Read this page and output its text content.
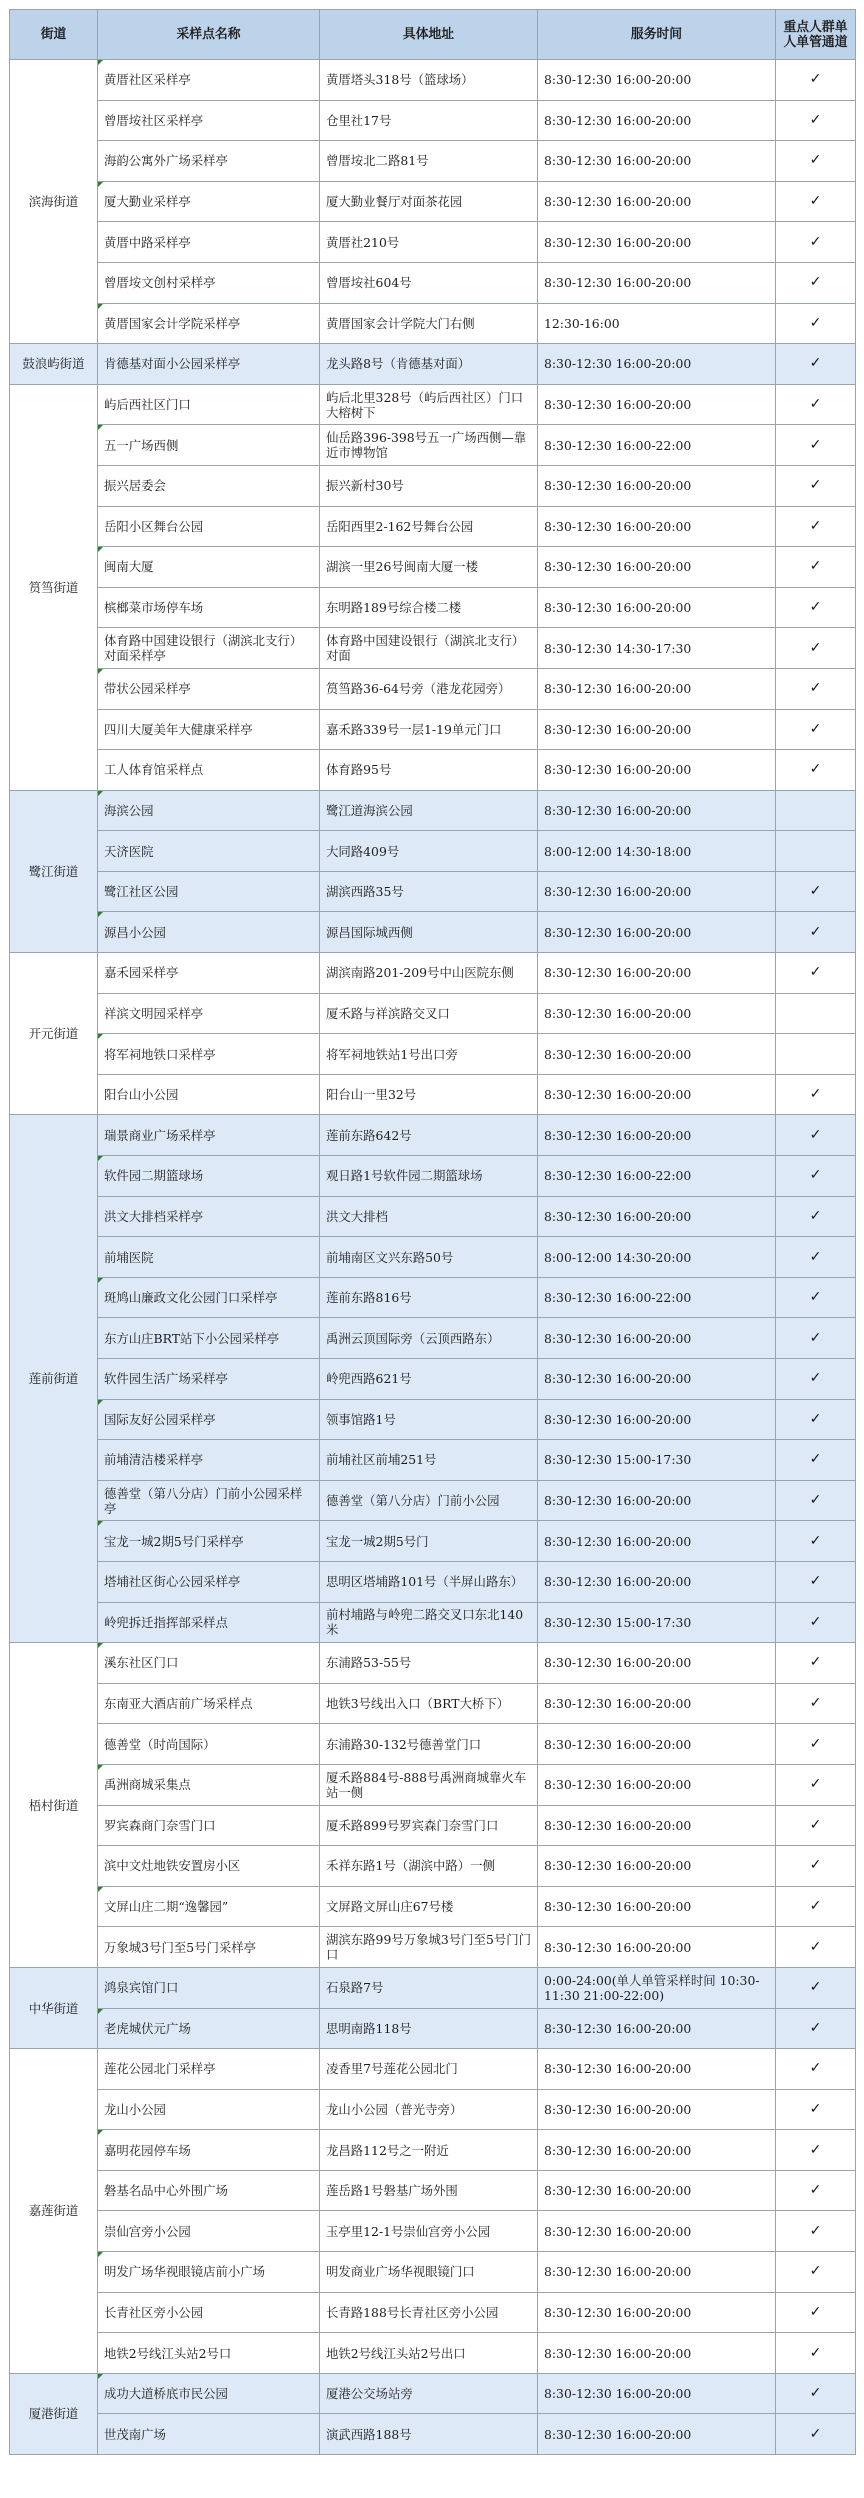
街道	采样点名称	具体地址	服务时间	重点人群单人单管通道
滨海街道	黄厝社区采样亭	黄厝塔头318号（篮球场）	8:30-12:30 16:00-20:00	✓
	曾厝垵社区采样亭	仓里社17号	8:30-12:30 16:00-20:00	✓
	海韵公寓外广场采样亭	曾厝垵北二路81号	8:30-12:30 16:00-20:00	✓
	厦大勤业采样亭	厦大勤业餐厅对面茶花园	8:30-12:30 16:00-20:00	✓
	黄厝中路采样亭	黄厝社210号	8:30-12:30 16:00-20:00	✓
	曾厝垵文创村采样亭	曾厝垵社604号	8:30-12:30 16:00-20:00	✓
	黄厝国家会计学院采样亭	黄厝国家会计学院大门右侧	12:30-16:00	✓
鼓浪屿街道	肯德基对面小公园采样亭	龙头路8号（肯德基对面）	8:30-12:30 16:00-20:00	✓
筼筜街道	屿后西社区门口	屿后北里328号（屿后西社区）门口大榕树下	8:30-12:30 16:00-20:00	✓
	五一广场西侧	仙岳路396-398号五一广场西侧—靠近市博物馆	8:30-12:30 16:00-22:00	✓
	振兴居委会	振兴新村30号	8:30-12:30 16:00-20:00	✓
	岳阳小区舞台公园	岳阳西里2-162号舞台公园	8:30-12:30 16:00-20:00	✓
	闽南大厦	湖滨一里26号闽南大厦一楼	8:30-12:30 16:00-20:00	✓
	槟榔菜市场停车场	东明路189号综合楼二楼	8:30-12:30 16:00-20:00	✓
	体育路中国建设银行（湖滨北支行）对面采样亭	体育路中国建设银行（湖滨北支行）对面	8:30-12:30 14:30-17:30	✓
	带状公园采样亭	筼筜路36-64号旁（港龙花园旁）	8:30-12:30 16:00-20:00	✓
	四川大厦美年大健康采样亭	嘉禾路339号一层1-19单元门口	8:30-12:30 16:00-20:00	✓
	工人体育馆采样点	体育路95号	8:30-12:30 16:00-20:00	✓
鹭江街道	海滨公园	鹭江道海滨公园	8:30-12:30 16:00-20:00	
	天济医院	大同路409号	8:00-12:00 14:30-18:00	
	鹭江社区公园	湖滨西路35号	8:30-12:30 16:00-20:00	✓
	源昌小公园	源昌国际城西侧	8:30-12:30 16:00-20:00	✓
开元街道	嘉禾园采样亭	湖滨南路201-209号中山医院东侧	8:30-12:30 16:00-20:00	✓
	祥滨文明园采样亭	厦禾路与祥滨路交叉口	8:30-12:30 16:00-20:00	
	将军祠地铁口采样亭	将军祠地铁站1号出口旁	8:30-12:30 16:00-20:00	
	阳台山小公园	阳台山一里32号	8:30-12:30 16:00-20:00	✓
莲前街道	瑞景商业广场采样亭	莲前东路642号	8:30-12:30 16:00-20:00	✓
	软件园二期篮球场	观日路1号软件园二期篮球场	8:30-12:30 16:00-22:00	✓
	洪文大排档采样亭	洪文大排档	8:30-12:30 16:00-20:00	✓
	前埔医院	前埔南区文兴东路50号	8:00-12:00 14:30-20:00	✓
	斑鸠山廉政文化公园门口采样亭	莲前东路816号	8:30-12:30 16:00-22:00	✓
	东方山庄BRT站下小公园采样亭	禹洲云顶国际旁（云顶西路东）	8:30-12:30 16:00-20:00	✓
	软件园生活广场采样亭	岭兜西路621号	8:30-12:30 16:00-20:00	✓
	国际友好公园采样亭	领事馆路1号	8:30-12:30 16:00-20:00	✓
	前埔清洁楼采样亭	前埔社区前埔251号	8:30-12:30 15:00-17:30	✓
	德善堂（第八分店）门前小公园采样亭	德善堂（第八分店）门前小公园	8:30-12:30 16:00-20:00	✓
	宝龙一城2期5号门采样亭	宝龙一城2期5号门	8:30-12:30 16:00-20:00	✓
	塔埔社区街心公园采样亭	思明区塔埔路101号（半屏山路东）	8:30-12:30 16:00-20:00	✓
	岭兜拆迁指挥部采样点	前村埔路与岭兜二路交叉口东北140米	8:30-12:30 15:00-17:30	✓
梧村街道	溪东社区门口	东浦路53-55号	8:30-12:30 16:00-20:00	✓
	东南亚大酒店前广场采样点	地铁3号线出入口（BRT大桥下）	8:30-12:30 16:00-20:00	✓
	德善堂（时尚国际）	东浦路30-132号德善堂门口	8:30-12:30 16:00-20:00	✓
	禹洲商城采集点	厦禾路884号-888号禹洲商城靠火车站一侧	8:30-12:30 16:00-20:00	✓
	罗宾森商门奈雪门口	厦禾路899号罗宾森门奈雪门口	8:30-12:30 16:00-20:00	✓
	滨中文灶地铁安置房小区	禾祥东路1号（湖滨中路）一侧	8:30-12:30 16:00-20:00	✓
	文屏山庄二期“逸馨园”	文屏路文屏山庄67号楼	8:30-12:30 16:00-20:00	✓
	万象城3号门至5号门采样亭	湖滨东路99号万象城3号门至5号门门口	8:30-12:30 16:00-20:00	✓
中华街道	鸿泉宾馆门口	石泉路7号	0:00-24:00(单人单管采样时间 10:30-11:30 21:00-22:00)	✓
	老虎城伏元广场	思明南路118号	8:30-12:30 16:00-20:00	✓
嘉莲街道	莲花公园北门采样亭	凌香里7号莲花公园北门	8:30-12:30 16:00-20:00	✓
	龙山小公园	龙山小公园（普光寺旁）	8:30-12:30 16:00-20:00	✓
	嘉明花园停车场	龙昌路112号之一附近	8:30-12:30 16:00-20:00	✓
	磐基名品中心外围广场	莲岳路1号磐基广场外围	8:30-12:30 16:00-20:00	✓
	崇仙宫旁小公园	玉亭里12-1号崇仙宫旁小公园	8:30-12:30 16:00-20:00	✓
	明发广场华视眼镜店前小广场	明发商业广场华视眼镜门口	8:30-12:30 16:00-20:00	✓
	长青社区旁小公园	长青路188号长青社区旁小公园	8:30-12:30 16:00-20:00	✓
	地铁2号线江头站2号口	地铁2号线江头站2号出口	8:30-12:30 16:00-20:00	✓
厦港街道	成功大道桥底市民公园	厦港公交场站旁	8:30-12:30 16:00-20:00	✓
	世茂南广场	演武西路188号	8:30-12:30 16:00-20:00	✓
